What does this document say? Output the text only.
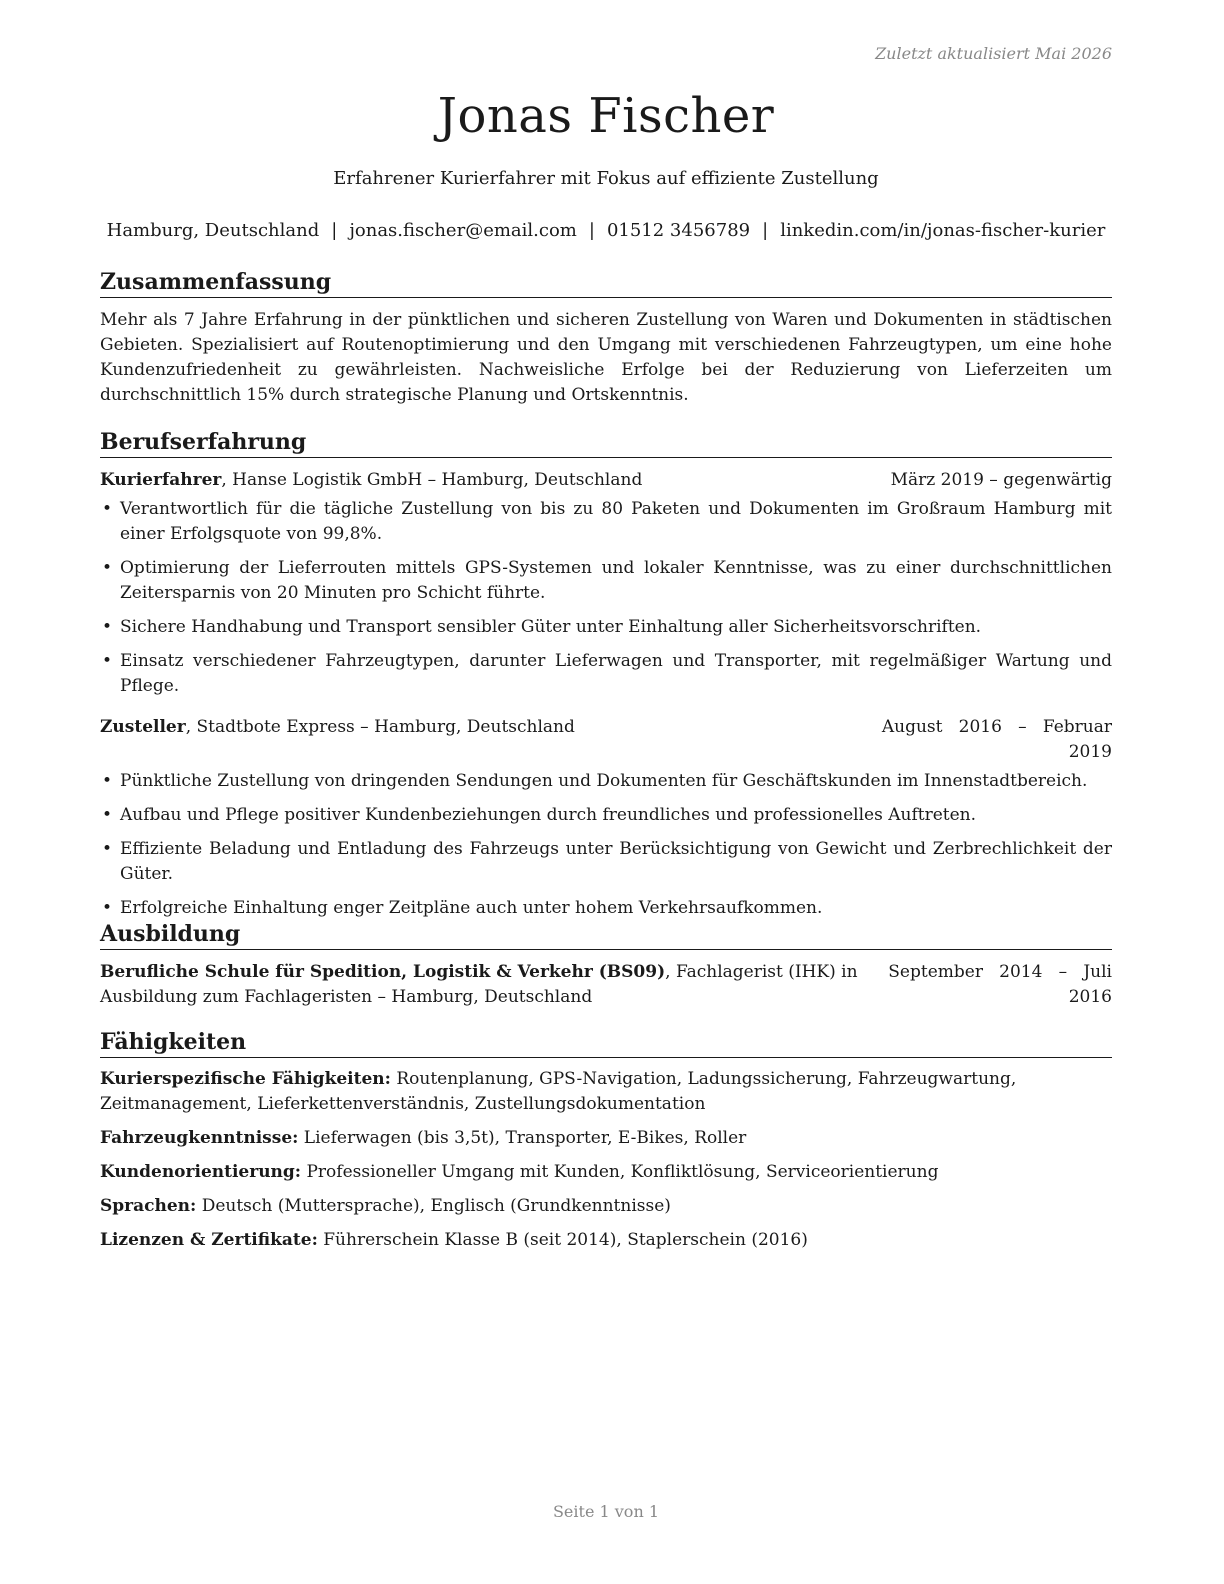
Zuletzt aktualisiert Mai 2026
Jonas Fischer
Erfahrener Kurierfahrer mit Fokus auf effiziente Zustellung
Hamburg, Deutschland | jonas.fischer@email.com | 01512 3456789 | linkedin.com/in/jonas-fischer-kurier
Zusammenfassung

Mehr als 7 Jahre Erfahrung in der pünktlichen und sicheren Zustellung von Waren und Dokumenten in städtischen Gebieten. Spezialisiert auf Routenoptimierung und den Umgang mit verschiedenen Fahrzeugtypen, um eine hohe Kundenzufriedenheit zu gewährleisten. Nachweisliche Erfolge bei der Reduzierung von Lieferzeiten um durchschnittlich 15% durch strategische Planung und Ortskenntnis.

Berufserfahrung
Kurierfahrer, Hanse Logistik GmbH – Hamburg, Deutschland	März 2019 – gegenwärtig
• Verantwortlich für die tägliche Zustellung von bis zu 80 Paketen und Dokumenten im Großraum Hamburg mit einer Erfolgsquote von 99,8%.
• Optimierung der Lieferrouten mittels GPS-Systemen und lokaler Kenntnisse, was zu einer durchschnittlichen Zeitersparnis von 20 Minuten pro Schicht führte.
• Sichere Handhabung und Transport sensibler Güter unter Einhaltung aller Sicherheitsvorschriften.
• Einsatz verschiedener Fahrzeugtypen, darunter Lieferwagen und Transporter, mit regelmäßiger Wartung und Pflege.
Zusteller, Stadtbote Express – Hamburg, Deutschland	August   2016   –   Februar
2019
• Pünktliche Zustellung von dringenden Sendungen und Dokumenten für Geschäftskunden im Innenstadtbereich.
• Aufbau und Pflege positiver Kundenbeziehungen durch freundliches und professionelles Auftreten.
• Effiziente Beladung und Entladung des Fahrzeugs unter Berücksichtigung von Gewicht und Zerbrechlichkeit der Güter.
• Erfolgreiche Einhaltung enger Zeitpläne auch unter hohem Verkehrsaufkommen.
Ausbildung
Berufliche Schule für Spedition, Logistik & Verkehr (BS09), Fachlagerist (IHK) in
Ausbildung zum Fachlageristen – Hamburg, Deutschland
September   2014   –   Juli
2016
Fähigkeiten
Kurierspezifische Fähigkeiten: Routenplanung, GPS-Navigation, Ladungssicherung, Fahrzeugwartung, Zeitmanagement, Lieferkettenverständnis, Zustellungsdokumentation
Fahrzeugkenntnisse: Lieferwagen (bis 3,5t), Transporter, E-Bikes, Roller
Kundenorientierung: Professioneller Umgang mit Kunden, Konfliktlösung, Serviceorientierung
Sprachen: Deutsch (Muttersprache), Englisch (Grundkenntnisse)
Lizenzen & Zertifikate: Führerschein Klasse B (seit 2014), Staplerschein (2016)
Seite 1 von 1
